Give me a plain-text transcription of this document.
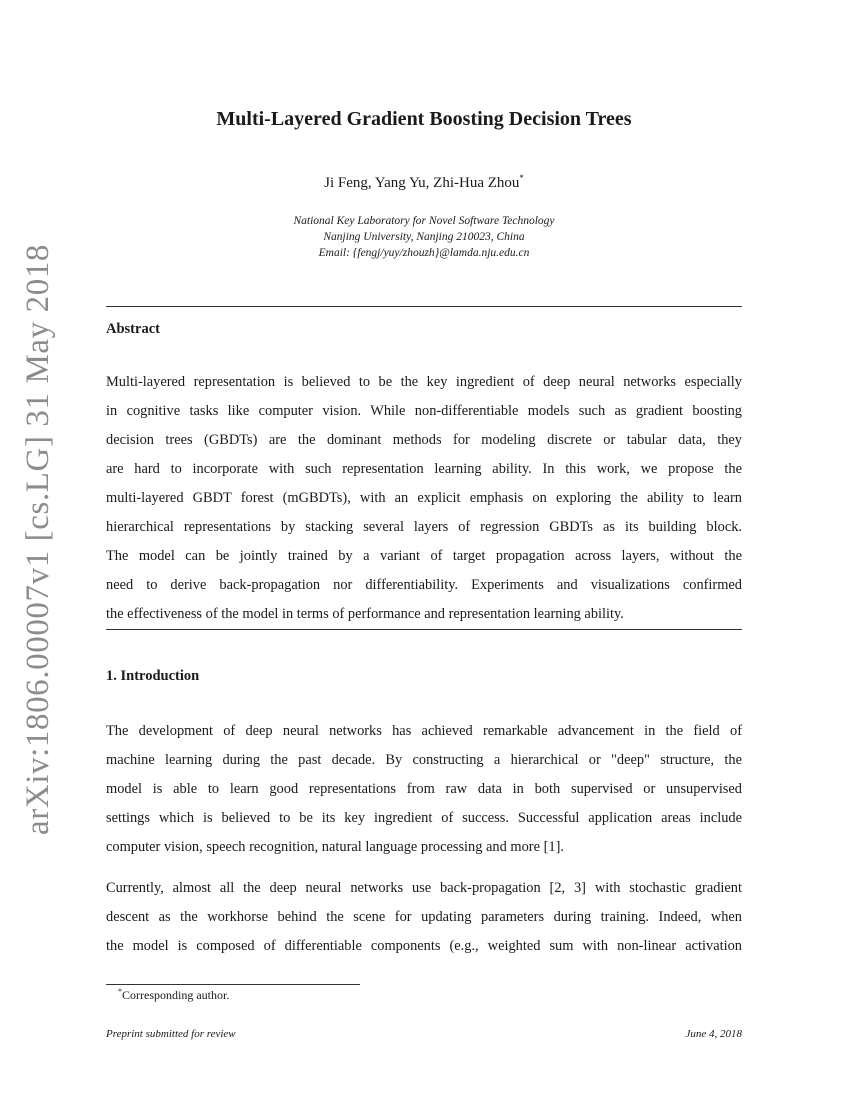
arXiv:1806.00007v1 [cs.LG] 31 May 2018
Multi-Layered Gradient Boosting Decision Trees
Ji Feng, Yang Yu, Zhi-Hua Zhou*
National Key Laboratory for Novel Software Technology
Nanjing University, Nanjing 210023, China
Email: {fengj/yuy/zhouzh}@lamda.nju.edu.cn
Abstract
Multi-layered representation is believed to be the key ingredient of deep neural networks especially
in cognitive tasks like computer vision. While non-differentiable models such as gradient boosting
decision trees (GBDTs) are the dominant methods for modeling discrete or tabular data, they
are hard to incorporate with such representation learning ability. In this work, we propose the
multi-layered GBDT forest (mGBDTs), with an explicit emphasis on exploring the ability to learn
hierarchical representations by stacking several layers of regression GBDTs as its building block.
The model can be jointly trained by a variant of target propagation across layers, without the
need to derive back-propagation nor differentiability. Experiments and visualizations confirmed
the effectiveness of the model in terms of performance and representation learning ability.
1. Introduction
The development of deep neural networks has achieved remarkable advancement in the field of
machine learning during the past decade. By constructing a hierarchical or "deep" structure, the
model is able to learn good representations from raw data in both supervised or unsupervised
settings which is believed to be its key ingredient of success. Successful application areas include
computer vision, speech recognition, natural language processing and more [1].
Currently, almost all the deep neural networks use back-propagation [2, 3] with stochastic gradient
descent as the workhorse behind the scene for updating parameters during training. Indeed, when
the model is composed of differentiable components (e.g., weighted sum with non-linear activation
*Corresponding author.
Preprint submitted for review	June 4, 2018
